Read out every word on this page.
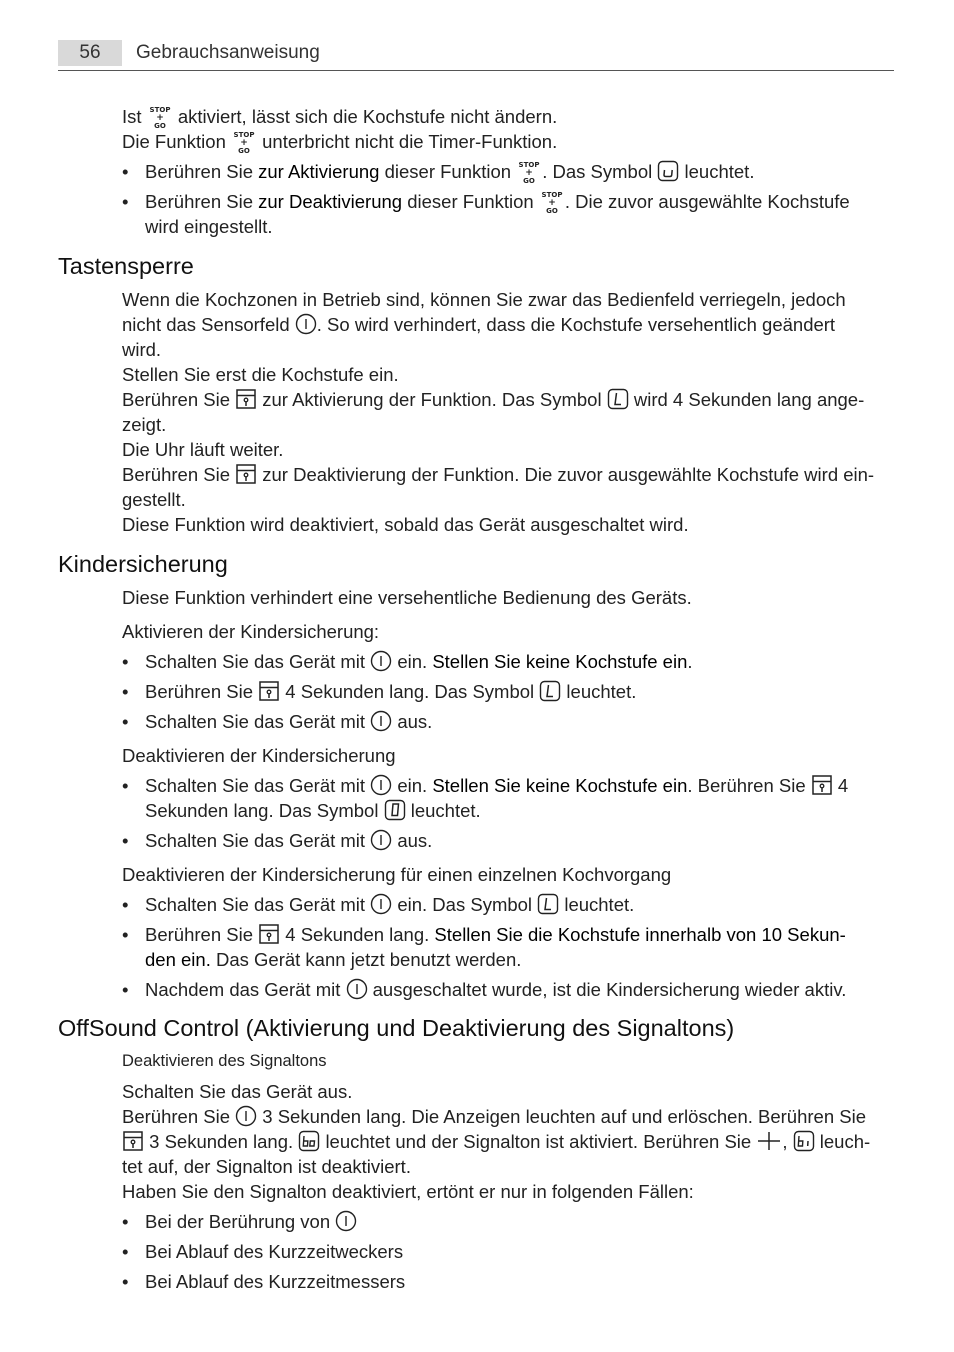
56	Gebrauchsanweisung
Ist STOP
+
GO aktiviert, lässt sich die Kochstufe nicht ändern.
Die Funktion STOP
+
GO unterbricht nicht die Timer-Funktion.
• Berühren Sie zur Aktivierung dieser Funktion STOP
+
GO . Das Symbol leuchtet.
• Berühren Sie zur Deaktivierung dieser Funktion STOP
+
GO . Die zuvor ausgewählte Kochstufe
wird eingestellt.
Tastensperre
Wenn die Kochzonen in Betrieb sind, können Sie zwar das Bedienfeld verriegeln, jedoch
nicht das Sensorfeld . So wird verhindert, dass die Kochstufe versehentlich geändert
wird.
Stellen Sie erst die Kochstufe ein.
Berühren Sie zur Aktivierung der Funktion. Das Symbol wird 4 Sekunden lang ange-
zeigt.
Die Uhr läuft weiter.
Berühren Sie zur Deaktivierung der Funktion. Die zuvor ausgewählte Kochstufe wird ein-
gestellt.
Diese Funktion wird deaktiviert, sobald das Gerät ausgeschaltet wird.
Kindersicherung
Diese Funktion verhindert eine versehentliche Bedienung des Geräts.
Aktivieren der Kindersicherung:
• Schalten Sie das Gerät mit ein. Stellen Sie keine Kochstufe ein.
• Berühren Sie 4 Sekunden lang. Das Symbol leuchtet.
• Schalten Sie das Gerät mit aus.
Deaktivieren der Kindersicherung
• Schalten Sie das Gerät mit ein. Stellen Sie keine Kochstufe ein. Berühren Sie 4
Sekunden lang. Das Symbol leuchtet.
• Schalten Sie das Gerät mit aus.
Deaktivieren der Kindersicherung für einen einzelnen Kochvorgang
• Schalten Sie das Gerät mit ein. Das Symbol leuchtet.
• Berühren Sie 4 Sekunden lang. Stellen Sie die Kochstufe innerhalb von 10 Sekun-
den ein. Das Gerät kann jetzt benutzt werden.
• Nachdem das Gerät mit ausgeschaltet wurde, ist die Kindersicherung wieder aktiv.
OffSound Control (Aktivierung und Deaktivierung des Signaltons)
Deaktivieren des Signaltons
Schalten Sie das Gerät aus.
Berühren Sie 3 Sekunden lang. Die Anzeigen leuchten auf und erlöschen. Berühren Sie
3 Sekunden lang. leuchtet und der Signalton ist aktiviert. Berühren Sie , leuch-
tet auf, der Signalton ist deaktiviert.
Haben Sie den Signalton deaktiviert, ertönt er nur in folgenden Fällen:
• Bei der Berührung von
• Bei Ablauf des Kurzzeitweckers
• Bei Ablauf des Kurzzeitmessers
